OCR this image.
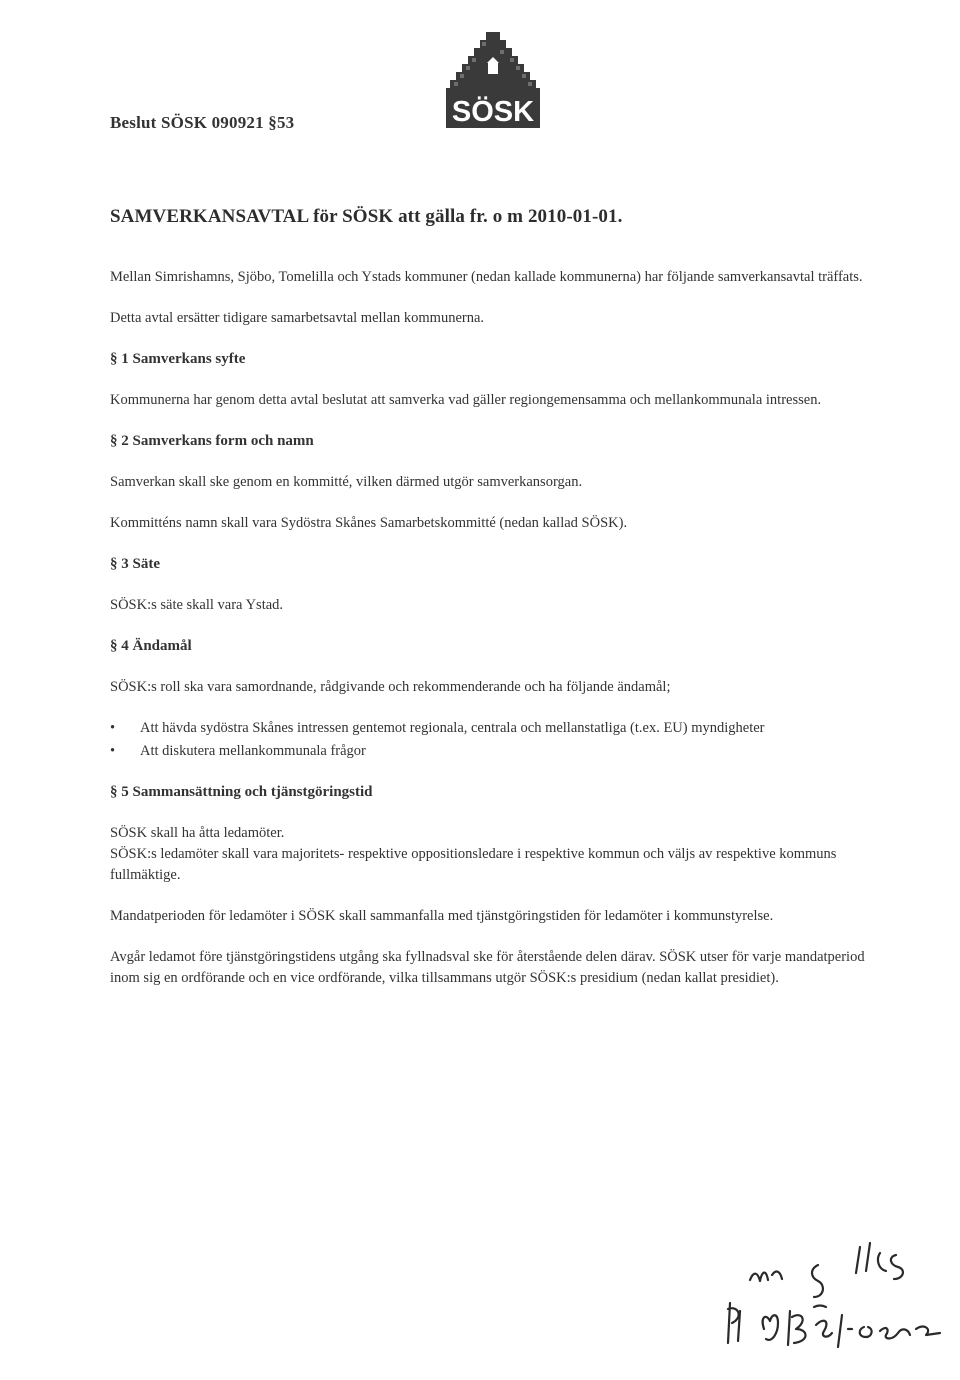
Beslut SÖSK 090921 §53	SÖSK
SAMVERKANSAVTAL för SÖSK att gälla fr. o m 2010-01-01.

Mellan Simrishamns, Sjöbo, Tomelilla och Ystads kommuner (nedan kallade kommunerna) har följande samverkansavtal träffats.

Detta avtal ersätter tidigare samarbetsavtal mellan kommunerna.

§ 1 Samverkans syfte

Kommunerna har genom detta avtal beslutat att samverka vad gäller regiongemensamma och mellankommunala intressen.

§ 2 Samverkans form och namn

Samverkan skall ske genom en kommitté, vilken därmed utgör samverkansorgan.

Kommitténs namn skall vara Sydöstra Skånes Samarbetskommitté (nedan kallad SÖSK).

§ 3 Säte

SÖSK:s säte skall vara Ystad.

§ 4 Ändamål

SÖSK:s roll ska vara samordnande, rådgivande och rekommenderande och ha följande ändamål;

• Att hävda sydöstra Skånes intressen gentemot regionala, centrala och mellanstatliga (t.ex. EU) myndigheter
• Att diskutera mellankommunala frågor
§ 5 Sammansättning och tjänstgöringstid

SÖSK skall ha åtta ledamöter.

SÖSK:s ledamöter skall vara majoritets- respektive oppositionsledare i respektive kommun och väljs av respektive kommuns fullmäktige.

Mandatperioden för ledamöter i SÖSK skall sammanfalla med tjänstgöringstiden för ledamöter i kommunstyrelse.

Avgår ledamot före tjänstgöringstidens utgång ska fyllnadsval ske för återstående delen därav. SÖSK utser för varje mandatperiod inom sig en ordförande och en vice ordförande, vilka tillsammans utgör SÖSK:s presidium (nedan kallat presidiet).
